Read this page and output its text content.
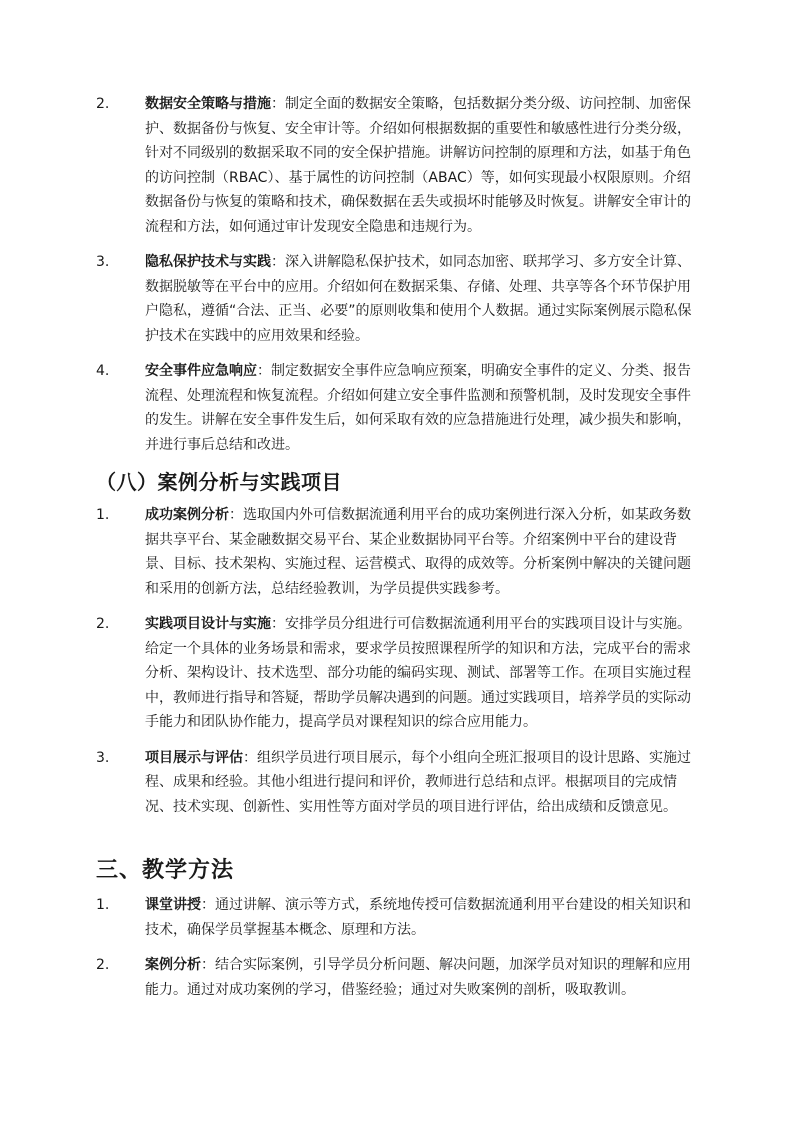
2.	数据安全策略与措施：制定全面的数据安全策略，包括数据分类分级、访问控制、加密保护、数据备份与恢复、安全审计等。介绍如何根据数据的重要性和敏感性进行分类分级，针对不同级别的数据采取不同的安全保护措施。讲解访问控制的原理和方法，如基于角色的访问控制（RBAC）、基于属性的访问控制（ABAC）等，如何实现最小权限原则。介绍数据备份与恢复的策略和技术，确保数据在丢失或损坏时能够及时恢复。讲解安全审计的流程和方法，如何通过审计发现安全隐患和违规行为。
3.	隐私保护技术与实践：深入讲解隐私保护技术，如同态加密、联邦学习、多方安全计算、数据脱敏等在平台中的应用。介绍如何在数据采集、存储、处理、共享等各个环节保护用户隐私，遵循“合法、正当、必要”的原则收集和使用个人数据。通过实际案例展示隐私保护技术在实践中的应用效果和经验。
4.	安全事件应急响应：制定数据安全事件应急响应预案，明确安全事件的定义、分类、报告流程、处理流程和恢复流程。介绍如何建立安全事件监测和预警机制，及时发现安全事件的发生。讲解在安全事件发生后，如何采取有效的应急措施进行处理，减少损失和影响，并进行事后总结和改进。
（八）案例分析与实践项目
1.	成功案例分析：选取国内外可信数据流通利用平台的成功案例进行深入分析，如某政务数据共享平台、某金融数据交易平台、某企业数据协同平台等。介绍案例中平台的建设背景、目标、技术架构、实施过程、运营模式、取得的成效等。分析案例中解决的关键问题和采用的创新方法，总结经验教训，为学员提供实践参考。
2.	实践项目设计与实施：安排学员分组进行可信数据流通利用平台的实践项目设计与实施。给定一个具体的业务场景和需求，要求学员按照课程所学的知识和方法，完成平台的需求分析、架构设计、技术选型、部分功能的编码实现、测试、部署等工作。在项目实施过程中，教师进行指导和答疑，帮助学员解决遇到的问题。通过实践项目，培养学员的实际动手能力和团队协作能力，提高学员对课程知识的综合应用能力。
3.	项目展示与评估：组织学员进行项目展示，每个小组向全班汇报项目的设计思路、实施过程、成果和经验。其他小组进行提问和评价，教师进行总结和点评。根据项目的完成情况、技术实现、创新性、实用性等方面对学员的项目进行评估，给出成绩和反馈意见。
三、教学方法
1.	课堂讲授：通过讲解、演示等方式，系统地传授可信数据流通利用平台建设的相关知识和技术，确保学员掌握基本概念、原理和方法。
2.	案例分析：结合实际案例，引导学员分析问题、解决问题，加深学员对知识的理解和应用能力。通过对成功案例的学习，借鉴经验；通过对失败案例的剖析，吸取教训。
